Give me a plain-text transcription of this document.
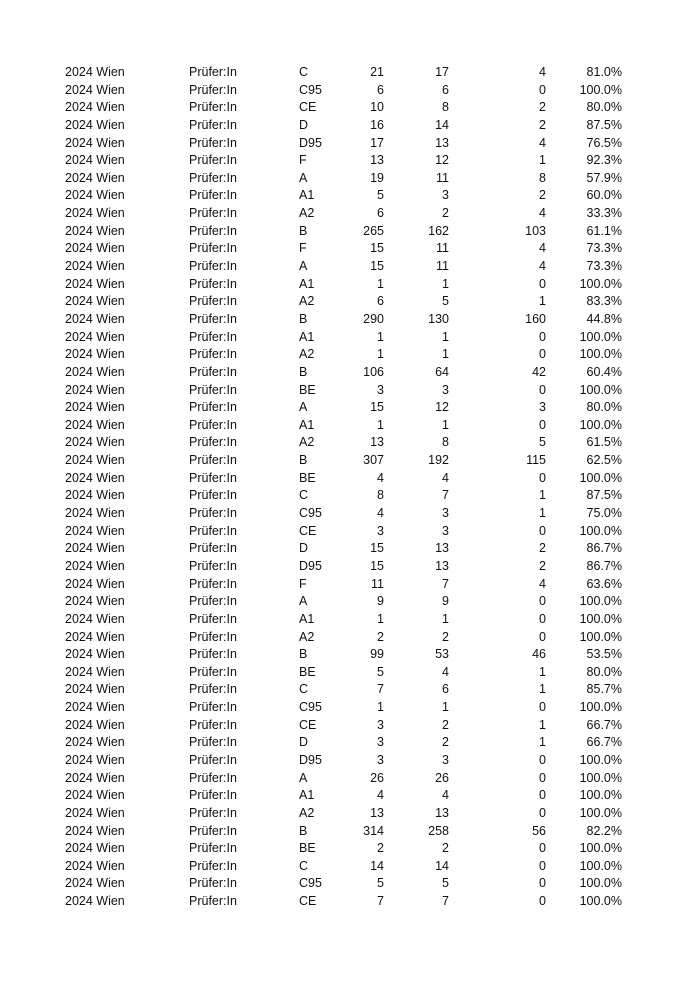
2024 Wien	Prüfer:In	C	21	17	4	81.0%
2024 Wien	Prüfer:In	C95	6	6	0	100.0%
2024 Wien	Prüfer:In	CE	10	8	2	80.0%
2024 Wien	Prüfer:In	D	16	14	2	87.5%
2024 Wien	Prüfer:In	D95	17	13	4	76.5%
2024 Wien	Prüfer:In	F	13	12	1	92.3%
2024 Wien	Prüfer:In	A	19	11	8	57.9%
2024 Wien	Prüfer:In	A1	5	3	2	60.0%
2024 Wien	Prüfer:In	A2	6	2	4	33.3%
2024 Wien	Prüfer:In	B	265	162	103	61.1%
2024 Wien	Prüfer:In	F	15	11	4	73.3%
2024 Wien	Prüfer:In	A	15	11	4	73.3%
2024 Wien	Prüfer:In	A1	1	1	0	100.0%
2024 Wien	Prüfer:In	A2	6	5	1	83.3%
2024 Wien	Prüfer:In	B	290	130	160	44.8%
2024 Wien	Prüfer:In	A1	1	1	0	100.0%
2024 Wien	Prüfer:In	A2	1	1	0	100.0%
2024 Wien	Prüfer:In	B	106	64	42	60.4%
2024 Wien	Prüfer:In	BE	3	3	0	100.0%
2024 Wien	Prüfer:In	A	15	12	3	80.0%
2024 Wien	Prüfer:In	A1	1	1	0	100.0%
2024 Wien	Prüfer:In	A2	13	8	5	61.5%
2024 Wien	Prüfer:In	B	307	192	115	62.5%
2024 Wien	Prüfer:In	BE	4	4	0	100.0%
2024 Wien	Prüfer:In	C	8	7	1	87.5%
2024 Wien	Prüfer:In	C95	4	3	1	75.0%
2024 Wien	Prüfer:In	CE	3	3	0	100.0%
2024 Wien	Prüfer:In	D	15	13	2	86.7%
2024 Wien	Prüfer:In	D95	15	13	2	86.7%
2024 Wien	Prüfer:In	F	11	7	4	63.6%
2024 Wien	Prüfer:In	A	9	9	0	100.0%
2024 Wien	Prüfer:In	A1	1	1	0	100.0%
2024 Wien	Prüfer:In	A2	2	2	0	100.0%
2024 Wien	Prüfer:In	B	99	53	46	53.5%
2024 Wien	Prüfer:In	BE	5	4	1	80.0%
2024 Wien	Prüfer:In	C	7	6	1	85.7%
2024 Wien	Prüfer:In	C95	1	1	0	100.0%
2024 Wien	Prüfer:In	CE	3	2	1	66.7%
2024 Wien	Prüfer:In	D	3	2	1	66.7%
2024 Wien	Prüfer:In	D95	3	3	0	100.0%
2024 Wien	Prüfer:In	A	26	26	0	100.0%
2024 Wien	Prüfer:In	A1	4	4	0	100.0%
2024 Wien	Prüfer:In	A2	13	13	0	100.0%
2024 Wien	Prüfer:In	B	314	258	56	82.2%
2024 Wien	Prüfer:In	BE	2	2	0	100.0%
2024 Wien	Prüfer:In	C	14	14	0	100.0%
2024 Wien	Prüfer:In	C95	5	5	0	100.0%
2024 Wien	Prüfer:In	CE	7	7	0	100.0%
